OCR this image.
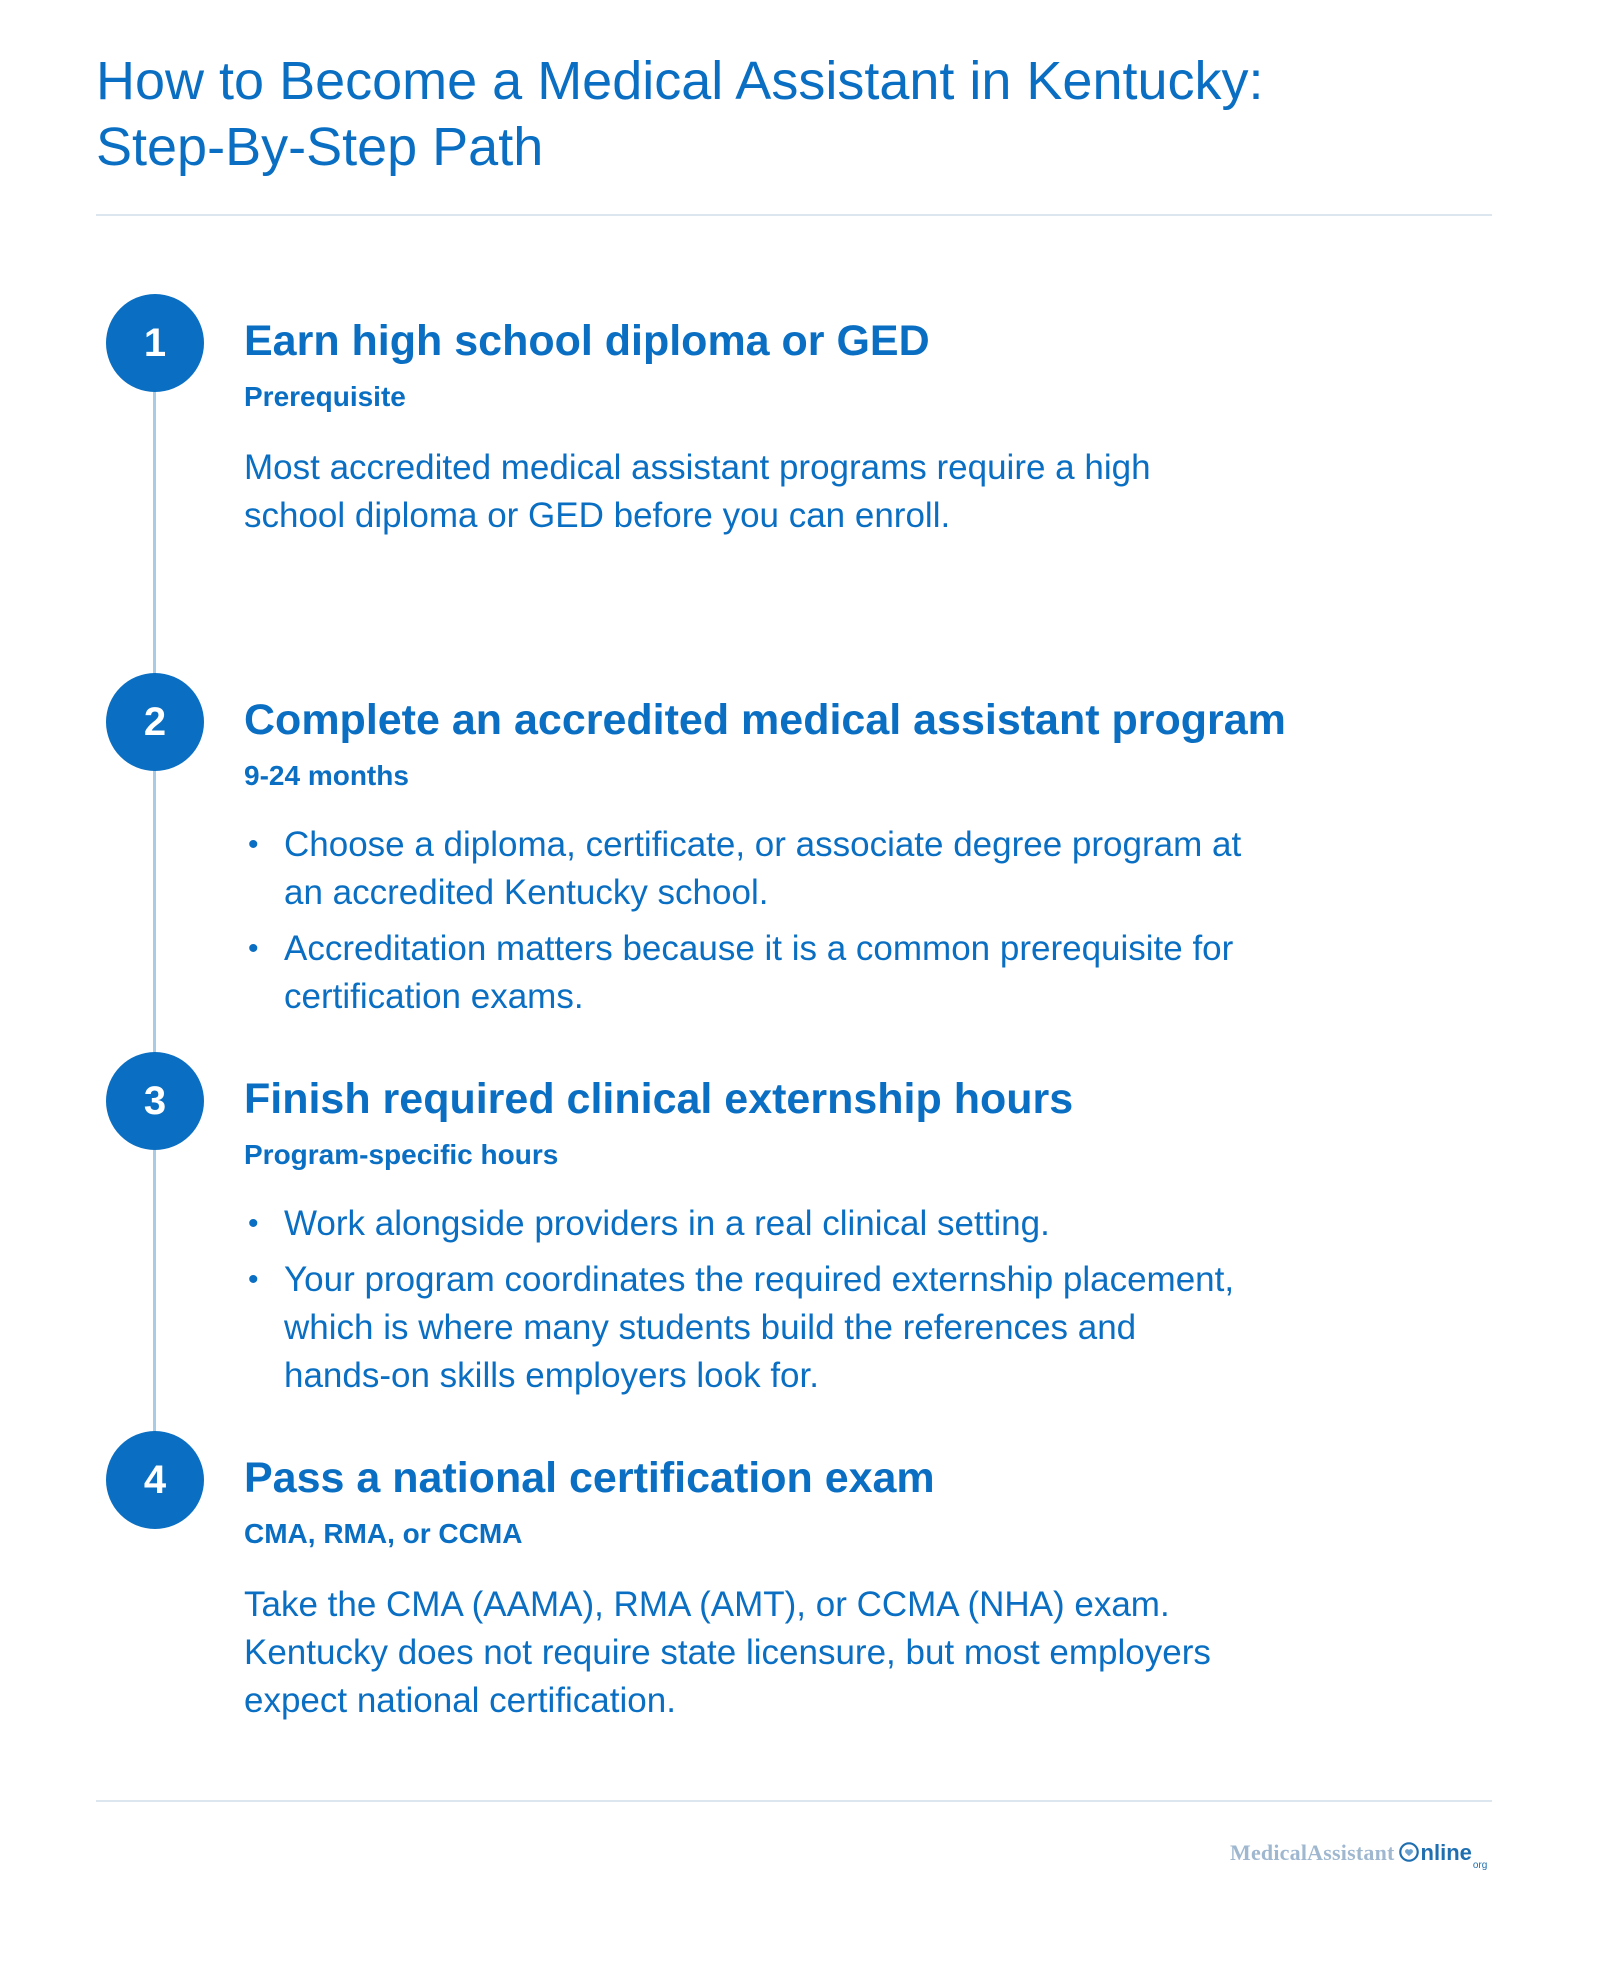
How to Become a Medical Assistant in Kentucky:
Step-By-Step Path
1	Earn high school diploma or GED
Prerequisite

Most accredited medical assistant programs require a high school diploma or GED before you can enroll.

2	Complete an accredited medical assistant program
9-24 months
• Choose a diploma, certificate, or associate degree program at an accredited Kentucky school.
• Accreditation matters because it is a common prerequisite for certification exams.
3	Finish required clinical externship hours
Program-specific hours
• Work alongside providers in a real clinical setting.
• Your program coordinates the required externship placement, which is where many students build the references and hands-on skills employers look for.
4	Pass a national certification exam
CMA, RMA, or CCMA

Take the CMA (AAMA), RMA (AMT), or CCMA (NHA) exam. Kentucky does not require state licensure, but most employers expect national certification.

MedicalAssistant nline
org
